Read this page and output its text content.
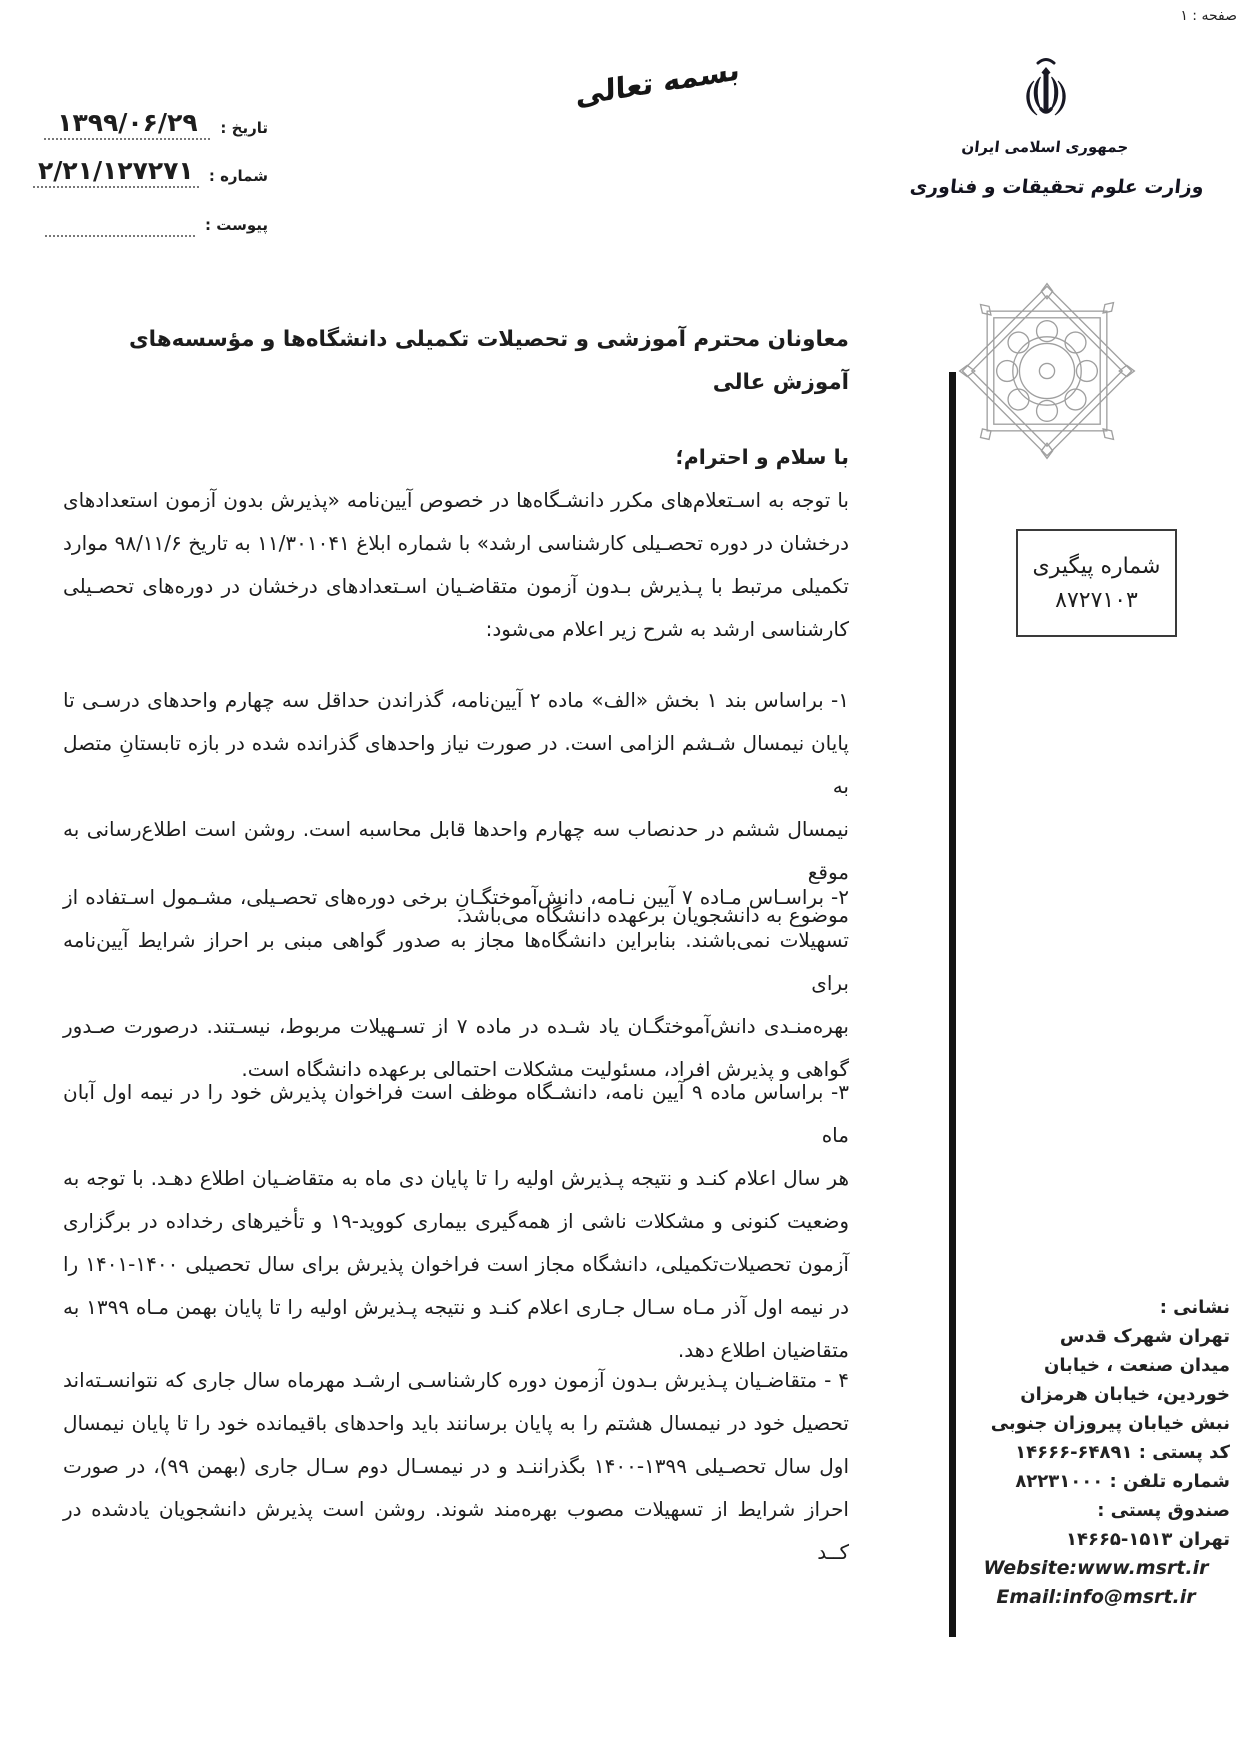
صفحه : ۱
بسمه تعالی
تاریخ :
۱۳۹۹/۰۶/۲۹
شماره :
۲/۲۱/۱۲۷۲۷۱
پیوست :
جمهوری اسلامی ایران
وزارت علوم تحقیقات و فناوری
شماره پیگیری
۸۷۲۷۱۰۳
معاونان محترم آموزشی و تحصیلات تکمیلی دانشگاه‌ها و مؤسسه‌های آموزش عالی
با سلام و احترام؛
با توجه به اسـتعلام‌های مکرر دانشـگاه‌ها در خصوص آیین‌نامه «پذیرش بدون آزمون استعدادهای
درخشان در دوره تحصـیلی کارشناسی ارشد» با شماره ابلاغ ۱۱/۳۰۱۰۴۱ به تاریخ ۹۸/۱۱/۶ موارد
تکمیلی مرتبط با پـذیرش بـدون آزمون متقاضـیان اسـتعدادهای درخشان در دوره‌های تحصـیلی
کارشناسی ارشد به شرح زیر اعلام می‌شود:
۱- براساس بند ۱ بخش «الف» ماده ۲ آیین‌نامه، گذراندن حداقل سه چهارم واحدهای درسـی تا
پایان نیمسال شـشم الزامی است. در صورت نیاز واحدهای گذرانده شده در بازه تابستانِ متصل به
نیمسال ششم در حدنصاب سه چهارم واحدها قابل محاسبه است. روشن است اطلاع‌رسانی به موقع
موضوع به دانشجویان برعهده دانشگاه می‌باشد.
۲- براسـاس مـاده ۷ آیین نـامه، دانش‌آموختگـانِ برخی دوره‌های تحصـیلی، مشـمول اسـتفاده از
تسهیلات نمی‌باشند. بنابراین دانشگاه‌ها مجاز به صدور گواهی مبنی بر احراز شرایط آیین‌نامه برای
بهره‌منـدی دانش‌آموختگـان یاد شـده در ماده ۷ از تسـهیلات مربوط، نیسـتند. درصورت صـدور
گواهی و پذیرش افراد، مسئولیت مشکلات احتمالی برعهده دانشگاه است.
۳- براساس ماده ۹ آیین نامه، دانشـگاه موظف است فراخوان پذیرش خود را در نیمه اول آبان ماه
هر سال اعلام کنـد و نتیجه پـذیرش اولیه را تا پایان دی ماه به متقاضـیان اطلاع دهـد. با توجه به
وضعیت کنونی و مشکلات ناشی از همه‌گیری بیماری کووید-۱۹ و تأخیرهای رخداده در برگزاری
آزمون تحصیلات‌تکمیلی، دانشگاه مجاز است فراخوان پذیرش برای سال تحصیلی ۱۴۰۰-۱۴۰۱ را
در نیمه اول آذر مـاه سـال جـاری اعلام کنـد و نتیجه پـذیرش اولیه را تا پایان بهمن مـاه ۱۳۹۹ به
متقاضیان اطلاع دهد.
۴ - متقاضـیان پـذیرش بـدون آزمون دوره کارشناسـی ارشـد مهرماه سال جاری که نتوانسـته‌اند
تحصیل خود در نیمسال هشتم را به پایان برسانند باید واحدهای باقیمانده خود را تا پایان نیمسال
اول سال تحصـیلی ۱۳۹۹-۱۴۰۰ بگذراننـد و در نیمسـال دوم سـال جاری (بهمن ۹۹)، در صورت
احراز شرایط از تسهیلات مصوب بهره‌مند شوند. روشن است پذیرش دانشجویان یادشده در کــد
نشانی :
تهران شهرک قدس
میدان صنعت ، خیابان
خوردین، خیابان هرمزان
نبش خیابان پیروزان جنوبی
کد پستی : ۱۴۶۶۶-۶۴۸۹۱
شماره تلفن : ۸۲۲۳۱۰۰۰
صندوق پستی :
تهران ۱۴۶۶۵-۱۵۱۳
Website:www.msrt.ir
Email:info@msrt.ir
